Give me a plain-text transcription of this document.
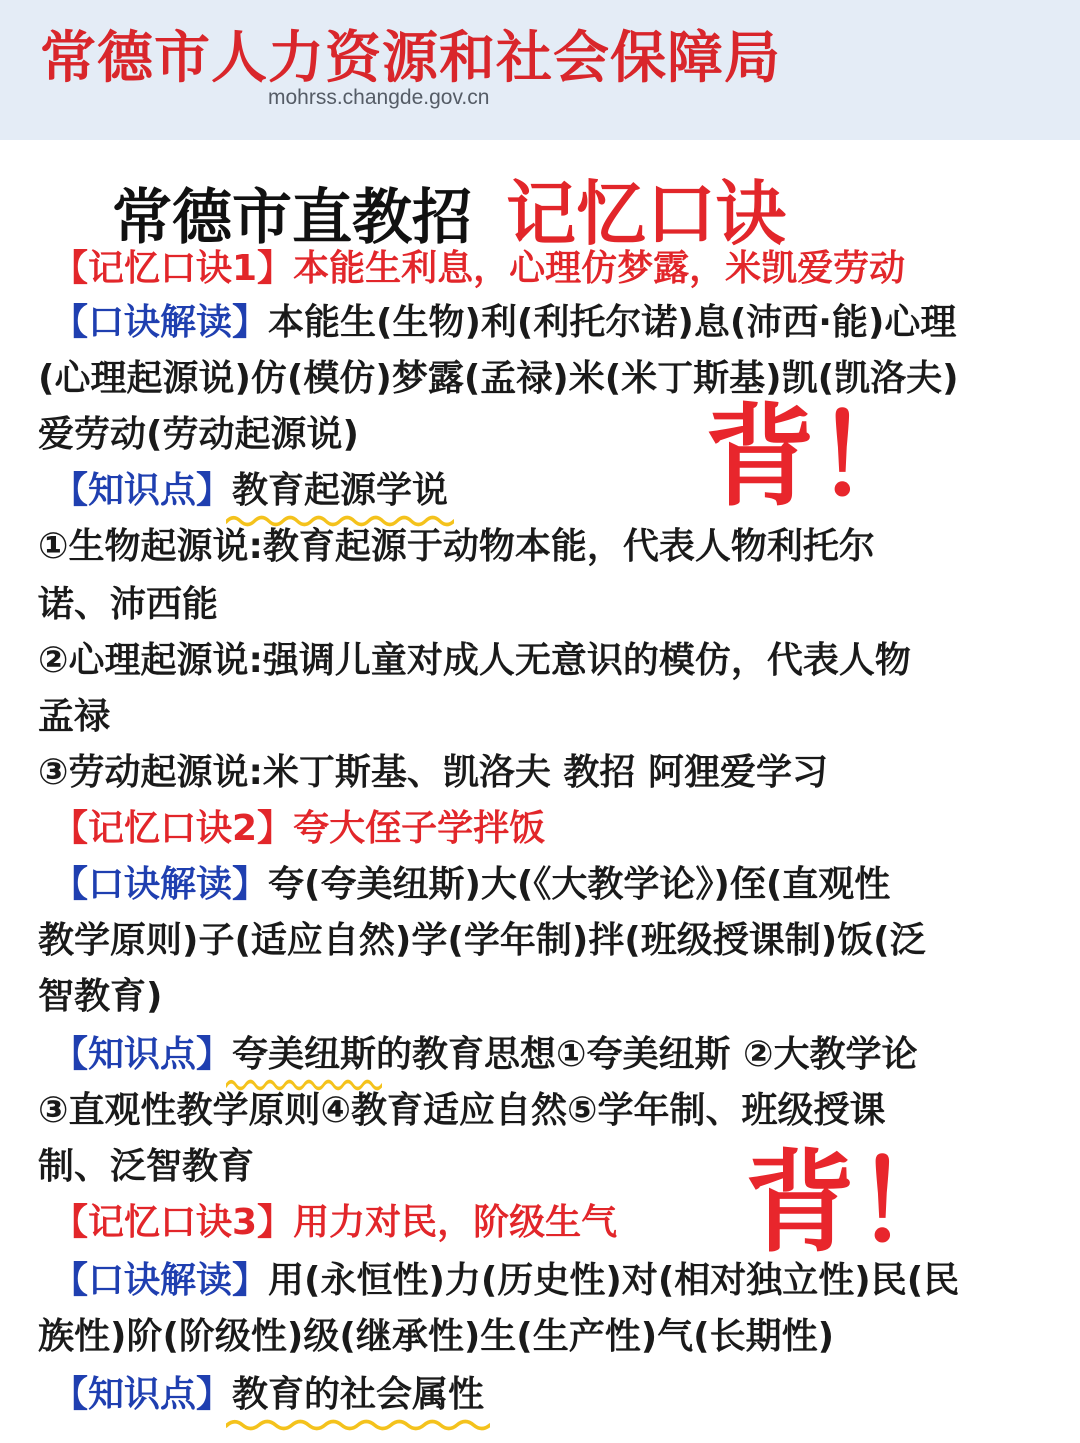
常德市人力资源和社会保障局
mohrss.changde.gov.cn
常德市直教招 记忆口诀
【记忆口诀1】本能生利息，心理仿梦露，米凯爱劳动
【口诀解读】本能生(生物)利(利托尔诺)息(沛西·能)心理
(心理起源说)仿(模仿)梦露(孟禄)米(米丁斯基)凯(凯洛夫)
爱劳动(劳动起源说)
【知识点】教育起源学说
①生物起源说:教育起源于动物本能，代表人物利托尔
诺、沛西能
②心理起源说:强调儿童对成人无意识的模仿，代表人物
孟禄
③劳动起源说:米丁斯基、凯洛夫 教招 阿狸爱学习
【记忆口诀2】夸大侄子学拌饭
【口诀解读】夸(夸美纽斯)大(《大教学论》)侄(直观性
教学原则)子(适应自然)学(学年制)拌(班级授课制)饭(泛
智教育)
【知识点】夸美纽斯
的教育思想①夸美纽斯 ②大教学论
③直观性教学原则④教育适应自然⑤学年制、班级授课
制、泛智教育
【记忆口诀3】用力对民，阶级生气
【口诀解读】用(永恒性)力(历史性)对(相对独立性)民(民
族性)阶(阶级性)级(继承性)生(生产性)气(长期性)
【知识点】教育的社会属性
背！
背！
